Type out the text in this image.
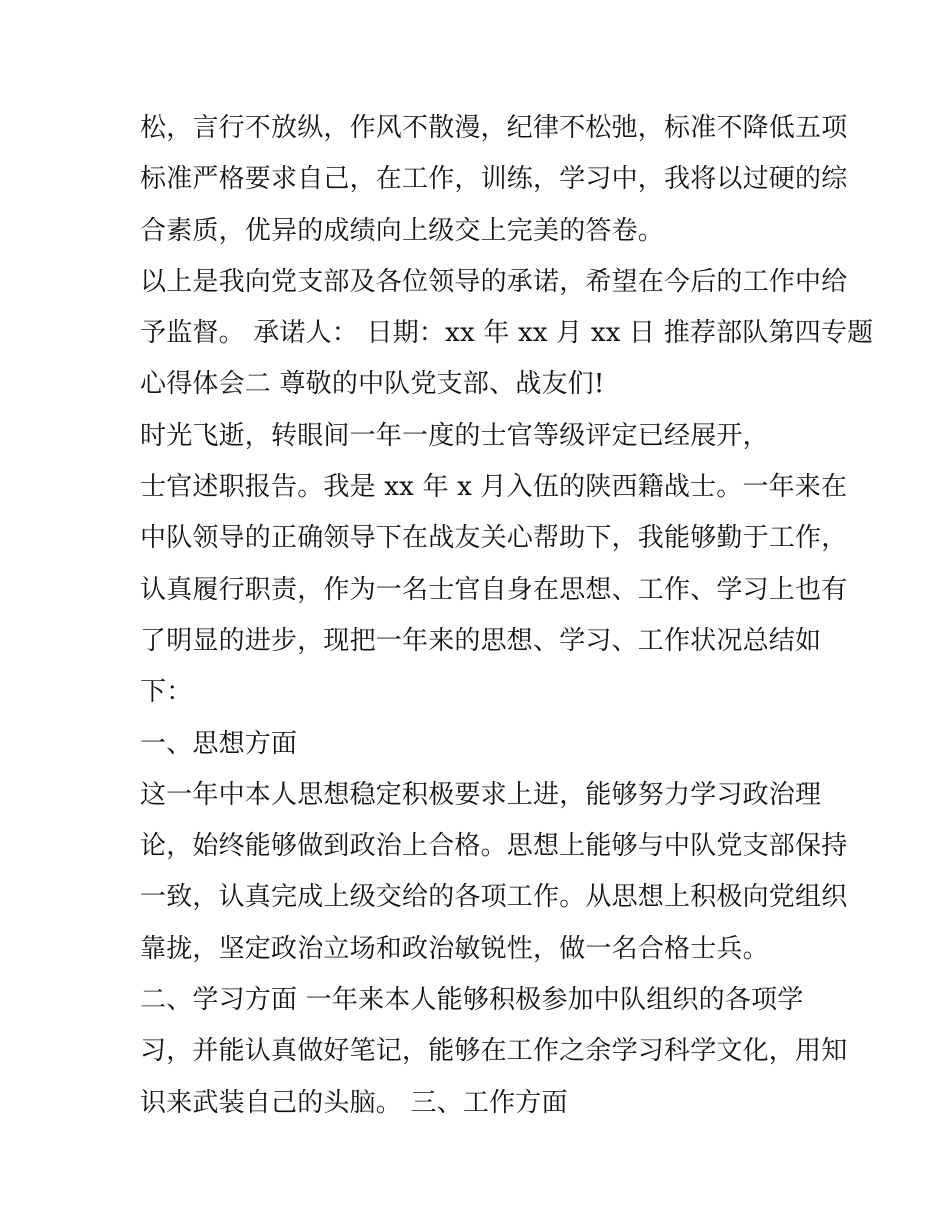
松，言行不放纵，作风不散漫，纪律不松弛，标准不降低五项
标准严格要求自己，在工作，训练，学习中，我将以过硬的综
合素质，优异的成绩向上级交上完美的答卷。
以上是我向党支部及各位领导的承诺，希望在今后的工作中给
予监督。 承诺人： 日期：xx 年 xx 月 xx 日 推荐部队第四专题
心得体会二 尊敬的中队党支部、战友们!
时光飞逝，转眼间一年一度的士官等级评定已经展开，
士官述职报告。我是 xx 年 x 月入伍的陕西籍战士。一年来在
中队领导的正确领导下在战友关心帮助下，我能够勤于工作，
认真履行职责，作为一名士官自身在思想、工作、学习上也有
了明显的进步，现把一年来的思想、学习、工作状况总结如
下：
一、思想方面
这一年中本人思想稳定积极要求上进，能够努力学习政治理
论，始终能够做到政治上合格。思想上能够与中队党支部保持
一致，认真完成上级交给的各项工作。从思想上积极向党组织
靠拢，坚定政治立场和政治敏锐性，做一名合格士兵。
二、学习方面 一年来本人能够积极参加中队组织的各项学
习，并能认真做好笔记，能够在工作之余学习科学文化，用知
识来武装自己的头脑。 三、工作方面
